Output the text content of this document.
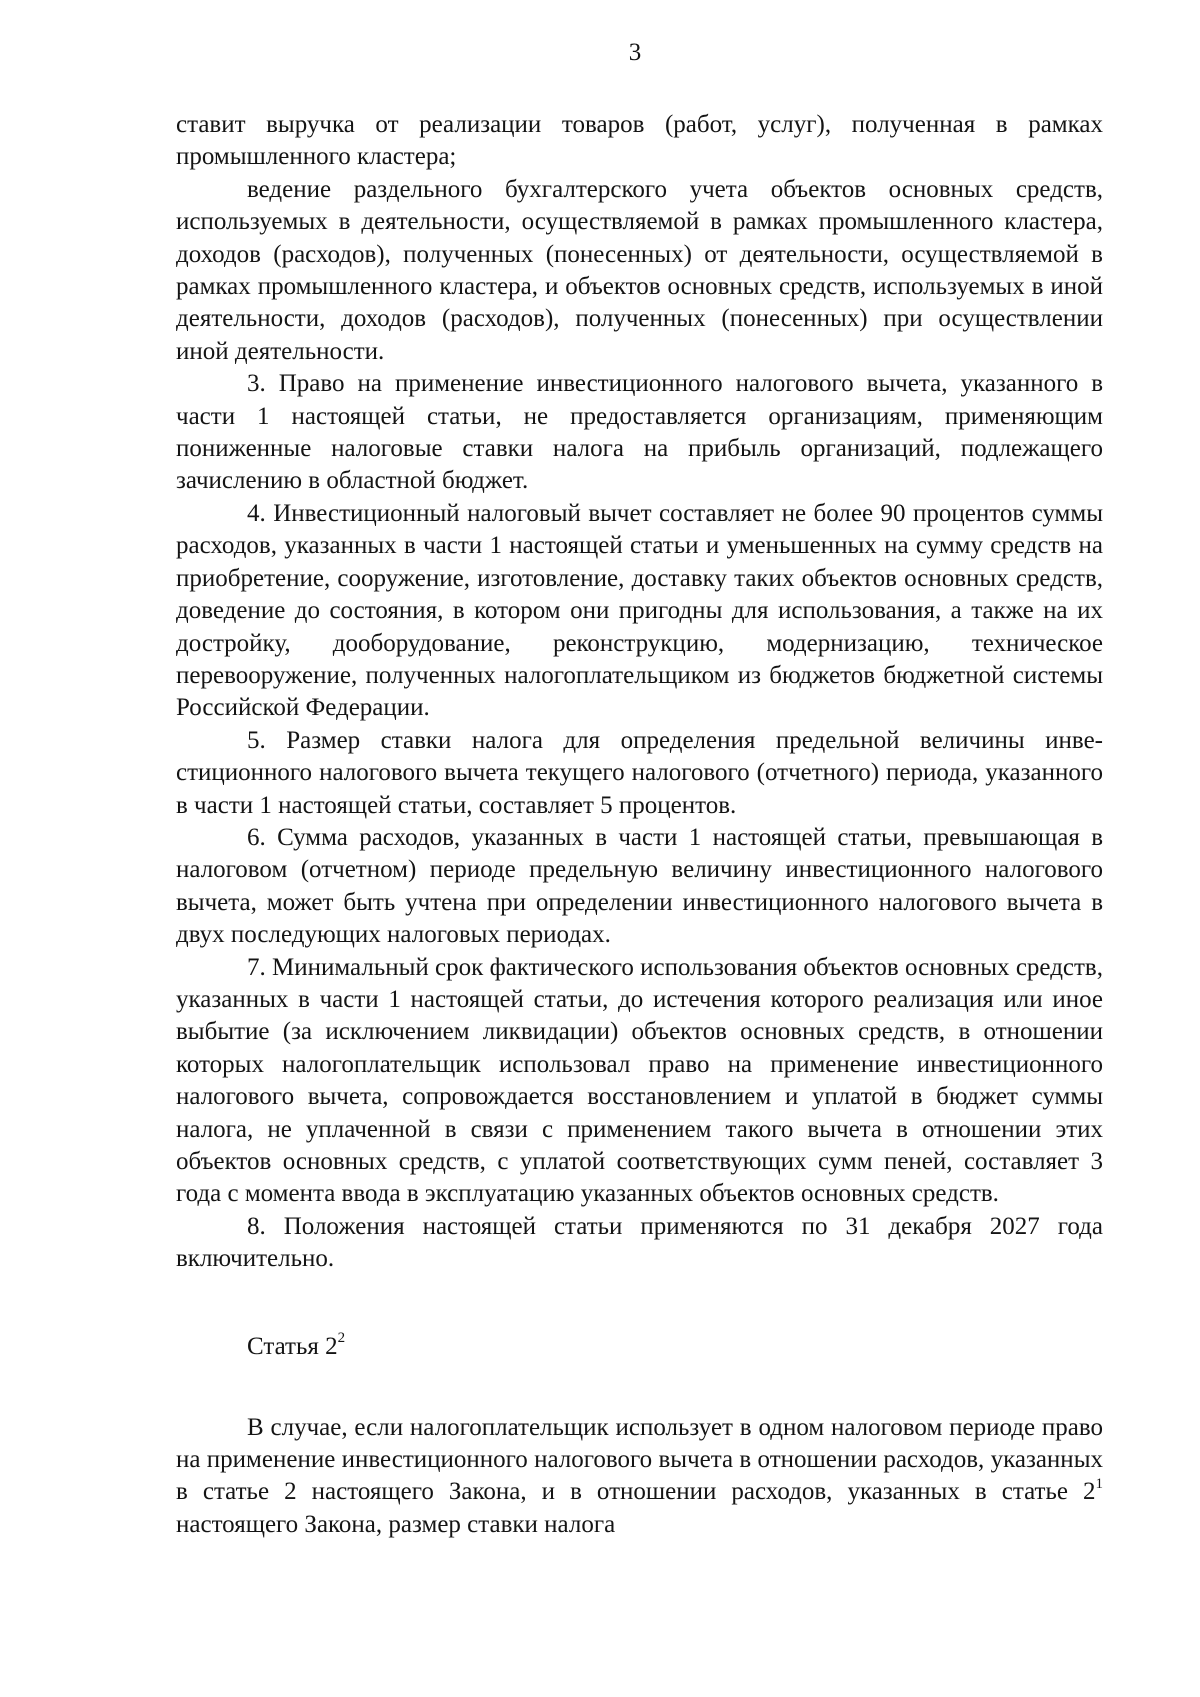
3

ставит выручка от реализации товаров (работ, услуг), полученная в рамках промышленного кластера;

ведение раздельного бухгалтерского учета объектов основных средств, используемых в деятельности, осуществляемой в рамках промышленного кластера, доходов (расходов), полученных (понесенных) от деятельности, осуществляемой в рамках промышленного кластера, и объектов основных средств, используемых в иной деятельности, доходов (расходов), полученных (понесенных) при осуществлении иной деятельности.

3. Право на применение инвестиционного налогового вычета, указанного в части 1 настоящей статьи, не предоставляется организациям, применяющим пониженные налоговые ставки налога на прибыль организаций, подлежащего зачислению в областной бюджет.

4. Инвестиционный налоговый вычет составляет не более 90 процентов суммы расходов, указанных в части 1 настоящей статьи и уменьшенных на сумму средств на приобретение, сооружение, изготовление, доставку таких объектов основных средств, доведение до состояния, в котором они пригодны для использования, а также на их достройку, дооборудование, реконструкцию, модернизацию, техническое перевооружение, полученных налогоплательщиком из бюджетов бюджетной системы Российской Федерации.

5. Размер ставки налога для определения предельной величины инвестиционного налогового вычета текущего налогового (отчетного) периода, указанного в части 1 настоящей статьи, составляет 5 процентов.

6. Сумма расходов, указанных в части 1 настоящей статьи, превышающая в налоговом (отчетном) периоде предельную величину инвестиционного налогового вычета, может быть учтена при определении инвестиционного налогового вычета в двух последующих налоговых периодах.

7. Минимальный срок фактического использования объектов основных средств, указанных в части 1 настоящей статьи, до истечения которого реализация или иное выбытие (за исключением ликвидации) объектов основных средств, в отношении которых налогоплательщик использовал право на применение инвестиционного налогового вычета, сопровождается восстановлением и уплатой в бюджет суммы налога, не уплаченной в связи с применением такого вычета в отношении этих объектов основных средств, с уплатой соответствующих сумм пеней, составляет 3 года с момента ввода в эксплуатацию указанных объектов основных средств.

8. Положения настоящей статьи применяются по 31 декабря 2027 года включительно.

Статья $2^2$

В случае, если налогоплательщик использует в одном налоговом периоде право на применение инвестиционного налогового вычета в отношении расходов, указанных в статье 2 настоящего Закона, и в отношении расходов, указанных в статье $2^1$ настоящего Закона, размер ставки налога
